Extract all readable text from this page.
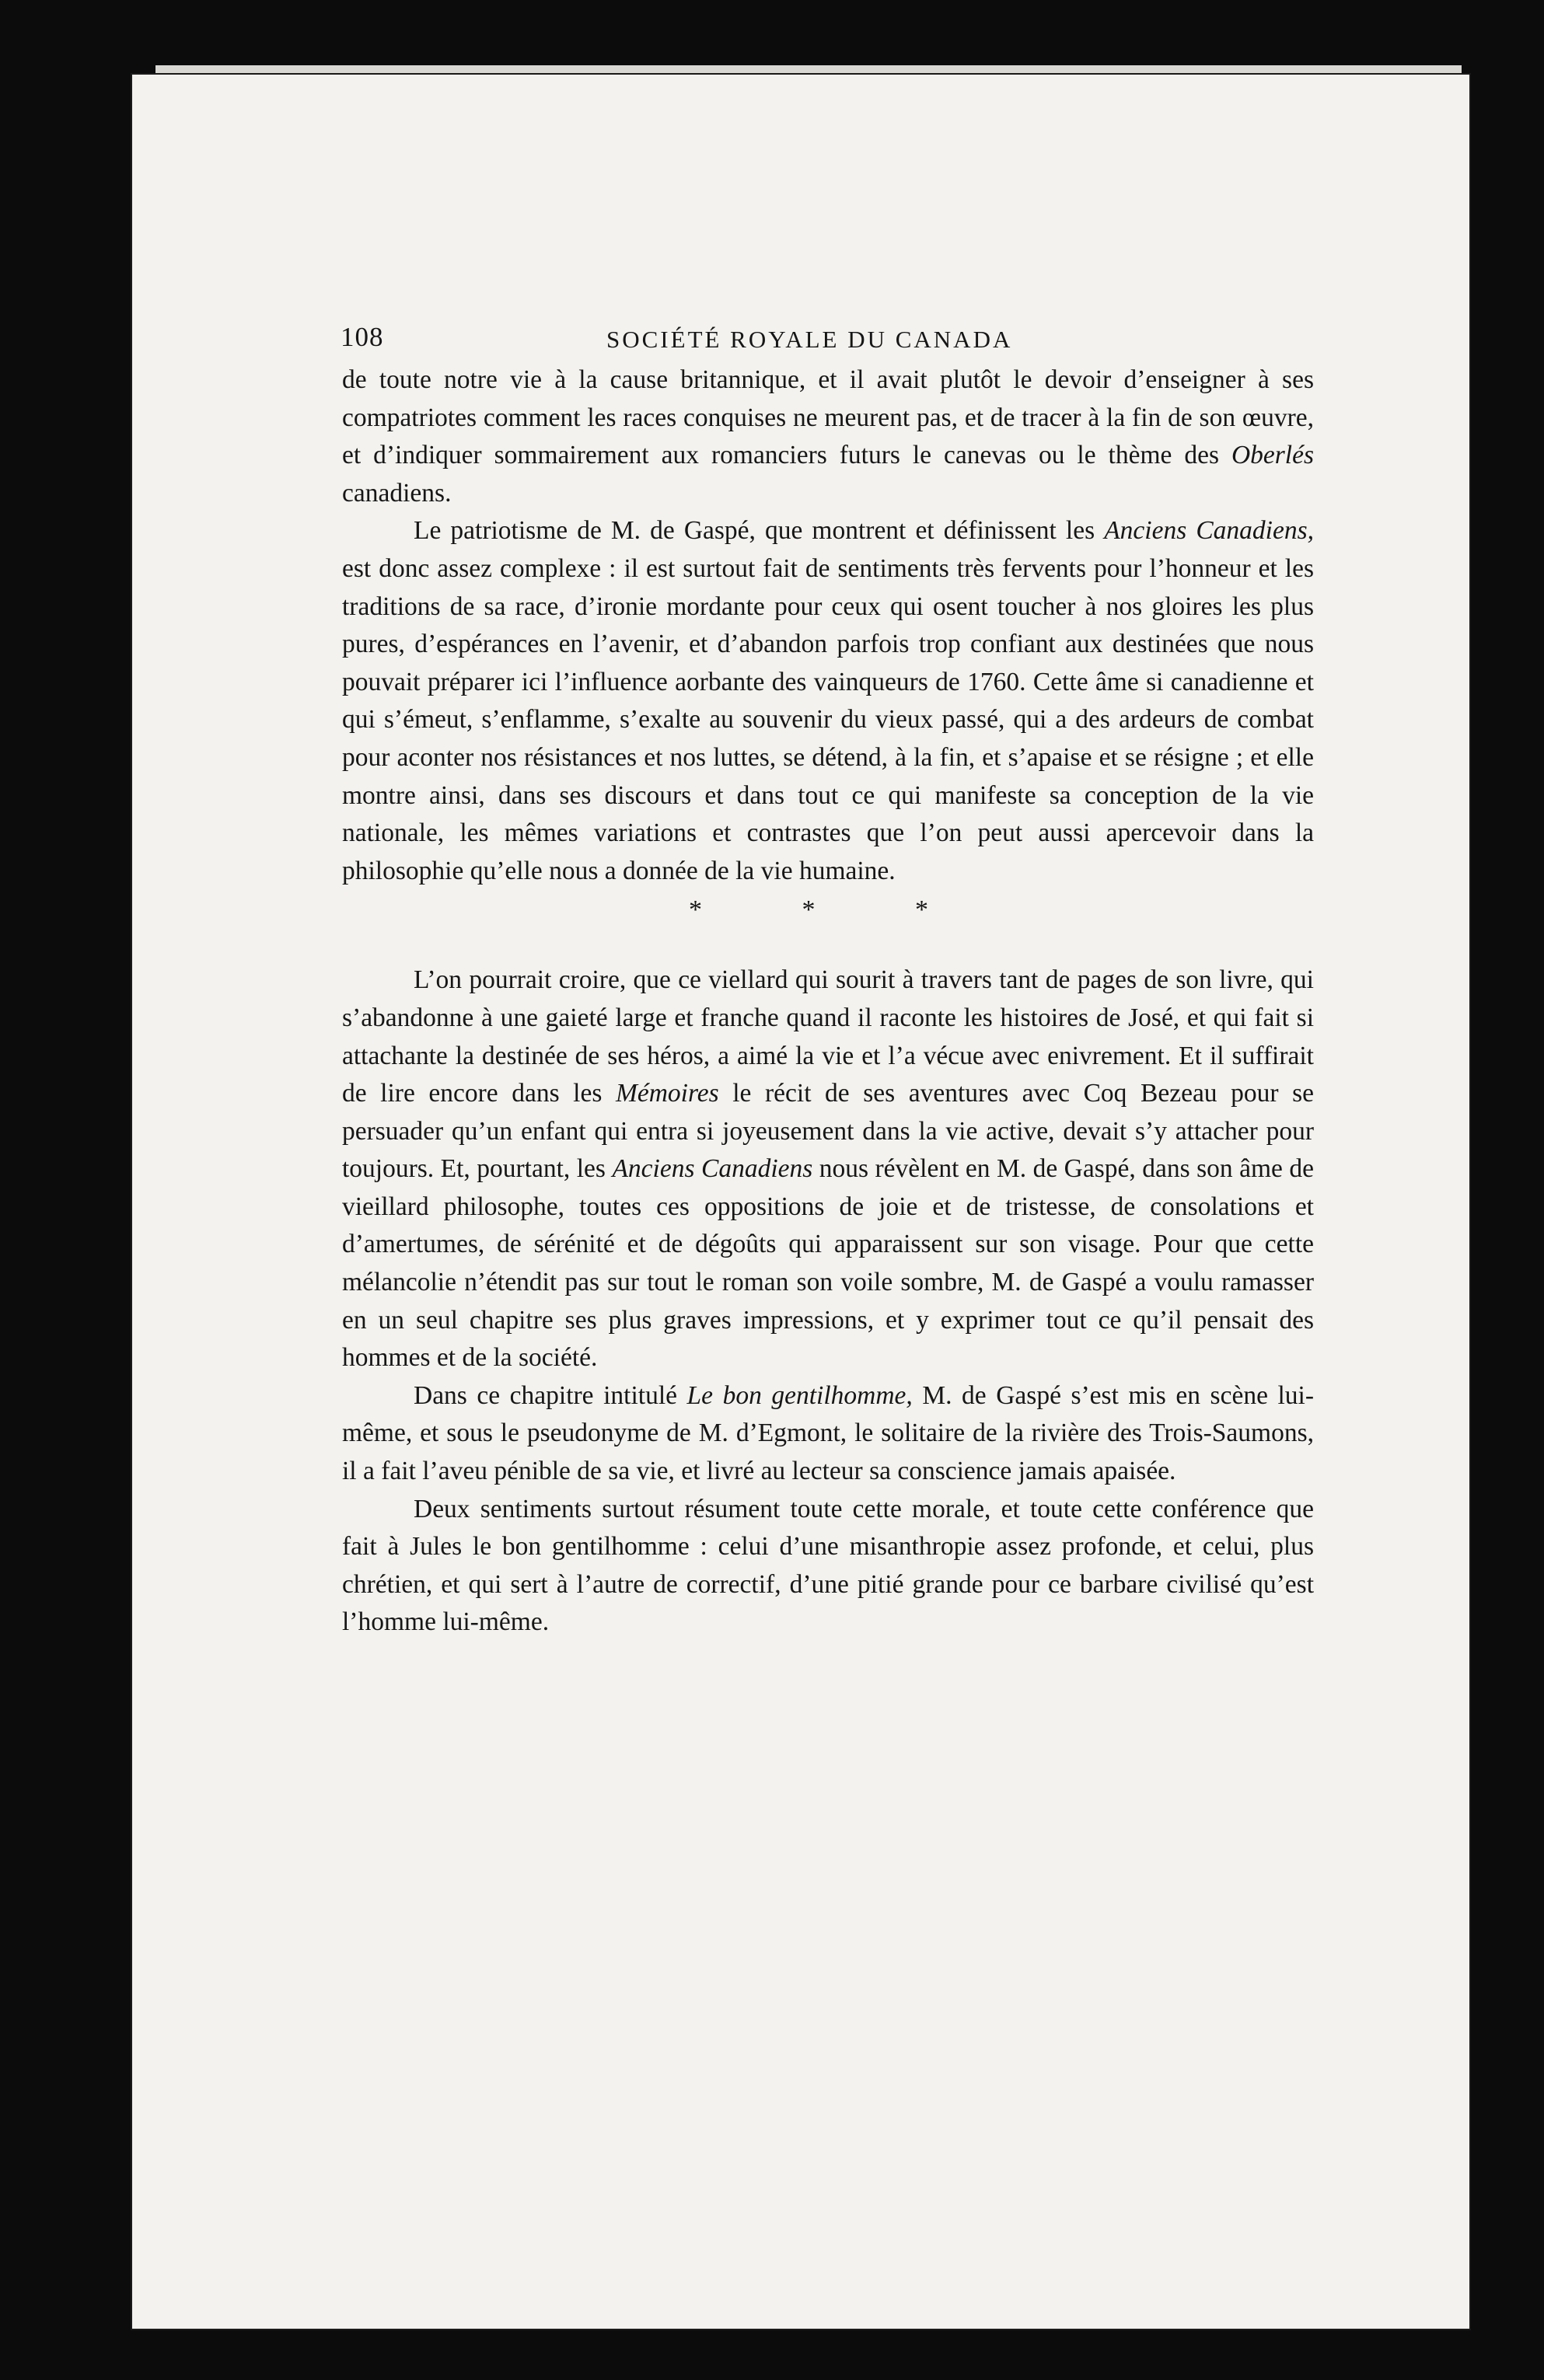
108	SOCIÉTÉ ROYALE DU CANADA

de toute notre vie à la cause britannique, et il avait plutôt le devoir d’enseigner à ses compatriotes comment les races conquises ne meurent pas, et de tracer à la fin de son œuvre, et d’indiquer sommairement aux romanciers futurs le canevas ou le thème des Oberlés canadiens.

Le patriotisme de M. de Gaspé, que montrent et définissent les Anciens Canadiens, est donc assez complexe : il est surtout fait de sentiments très fervents pour l’honneur et les traditions de sa race, d’ironie mordante pour ceux qui osent toucher à nos gloires les plus pures, d’espérances en l’avenir, et d’abandon parfois trop confiant aux destinées que nous pouvait préparer ici l’influence aorbante des vainqueurs de 1760. Cette âme si canadienne et qui s’émeut, s’enflamme, s’exalte au souvenir du vieux passé, qui a des ardeurs de combat pour aconter nos résistances et nos luttes, se détend, à la fin, et s’apaise et se résigne ; et elle montre ainsi, dans ses discours et dans tout ce qui manifeste sa conception de la vie nationale, les mêmes variations et contrastes que l’on peut aussi apercevoir dans la philosophie qu’elle nous a donnée de la vie humaine.

* * *

L’on pourrait croire, que ce viellard qui sourit à travers tant de pages de son livre, qui s’abandonne à une gaieté large et franche quand il raconte les histoires de José, et qui fait si attachante la destinée de ses héros, a aimé la vie et l’a vécue avec enivrement. Et il suffirait de lire encore dans les Mémoires le récit de ses aventures avec Coq Bezeau pour se persuader qu’un enfant qui entra si joyeusement dans la vie active, devait s’y attacher pour toujours. Et, pourtant, les Anciens Canadiens nous révèlent en M. de Gaspé, dans son âme de vieillard philosophe, toutes ces oppositions de joie et de tristesse, de consolations et d’amertumes, de sérénité et de dégoûts qui apparaissent sur son visage. Pour que cette mélancolie n’étendit pas sur tout le roman son voile sombre, M. de Gaspé a voulu ramasser en un seul chapitre ses plus graves impressions, et y exprimer tout ce qu’il pensait des hommes et de la société.

Dans ce chapitre intitulé Le bon gentilhomme, M. de Gaspé s’est mis en scène lui-même, et sous le pseudonyme de M. d’Egmont, le solitaire de la rivière des Trois-Saumons, il a fait l’aveu pénible de sa vie, et livré au lecteur sa conscience jamais apaisée.

Deux sentiments surtout résument toute cette morale, et toute cette conférence que fait à Jules le bon gentilhomme : celui d’une misanthropie assez profonde, et celui, plus chrétien, et qui sert à l’autre de correctif, d’une pitié grande pour ce barbare civilisé qu’est l’homme lui-même.
